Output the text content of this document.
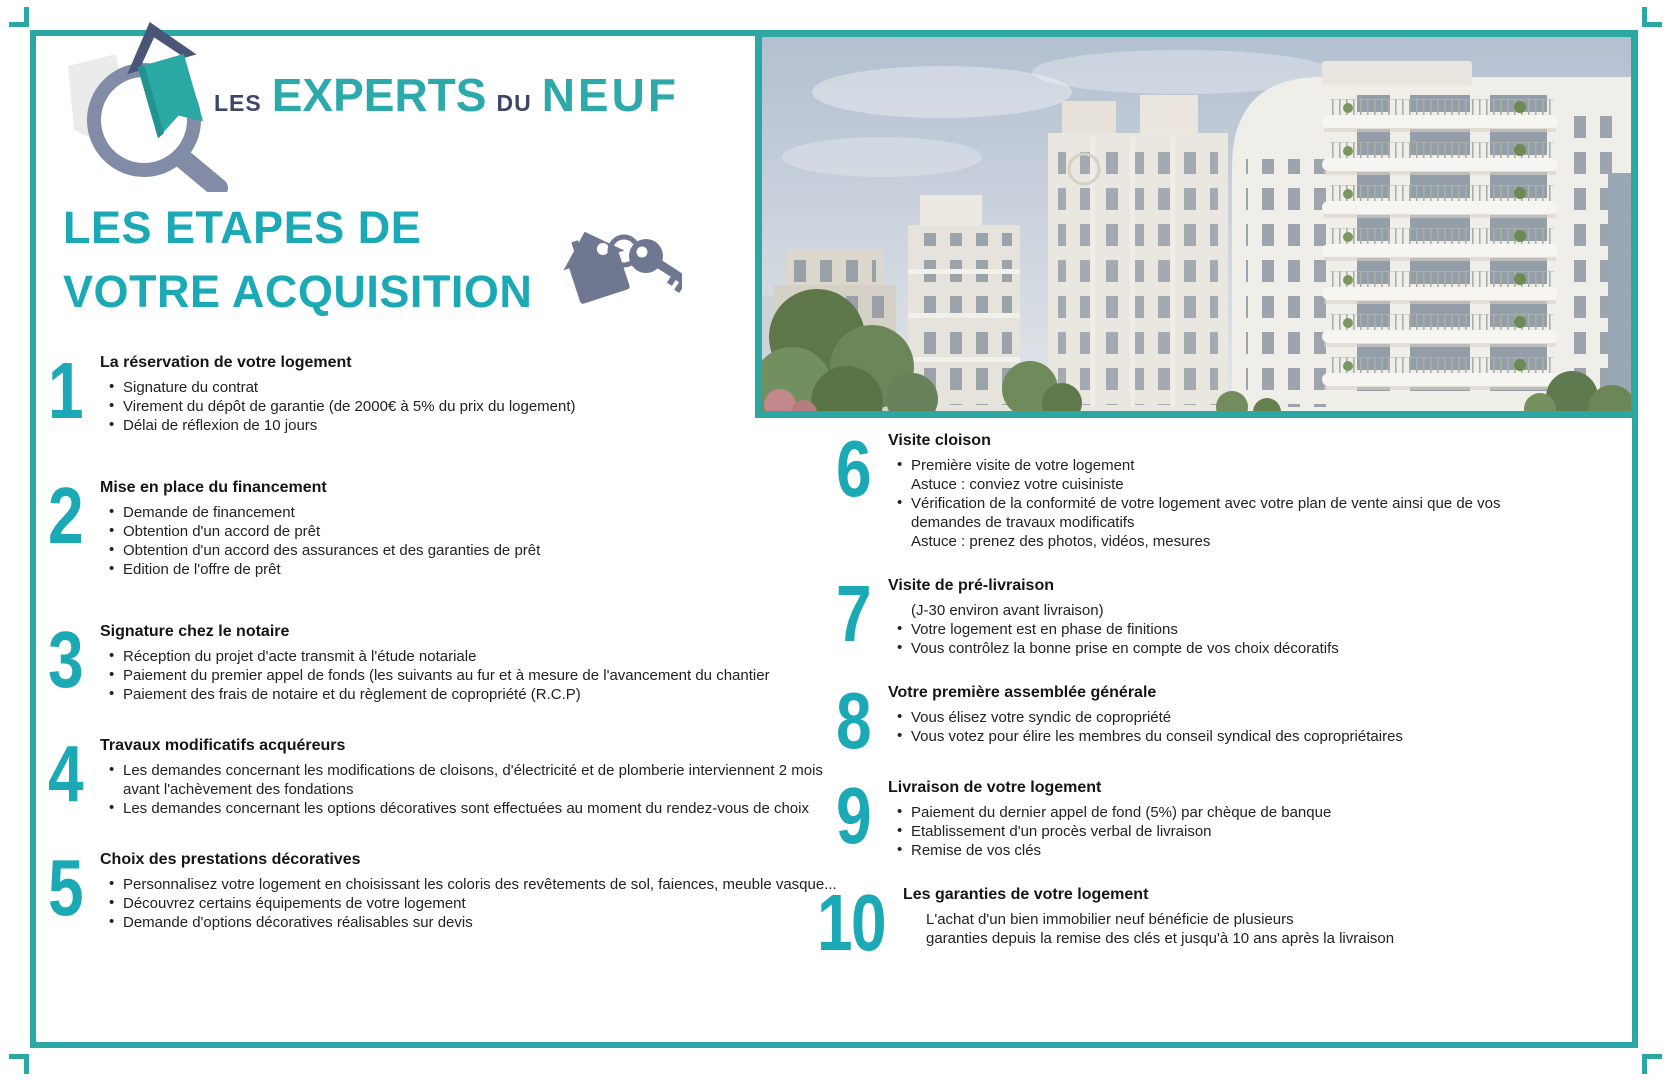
LES EXPERTS DU NEUF
LES ETAPES DE
VOTRE ACQUISITION
1	La réservation de votre logement
• Signature du contrat
• Virement du dépôt de garantie (de 2000€ à 5% du prix du logement)
• Délai de réflexion de 10 jours
2	Mise en place du financement
• Demande de financement
• Obtention d'un accord de prêt
• Obtention d'un accord des assurances et des garanties de prêt
• Edition de l'offre de prêt
3	Signature chez le notaire
• Réception du projet d'acte transmit à l'étude notariale
• Paiement du premier appel de fonds (les suivants au fur et à mesure de l'avancement du chantier
• Paiement des frais de notaire et du règlement de copropriété (R.C.P)
4	Travaux modificatifs acquéreurs
• Les demandes concernant les modifications de cloisons, d'électricité et de plomberie interviennent 2 mois avant l'achèvement des fondations
• Les demandes concernant les options décoratives sont effectuées au moment du rendez-vous de choix
5	Choix des prestations décoratives
• Personnalisez votre logement en choisissant les coloris des revêtements de sol, faiences, meuble vasque...
• Découvrez certains équipements de votre logement
• Demande d'options décoratives réalisables sur devis
6 Visite cloison
• Première visite de votre logement
Astuce : conviez votre cuisiniste
• Vérification de la conformité de votre logement avec votre plan de vente ainsi que de vos demandes de travaux modificatifs
Astuce : prenez des photos, vidéos, mesures
7 Visite de pré-livraison
(J-30 environ avant livraison)
• Votre logement est en phase de finitions
• Vous contrôlez la bonne prise en compte de vos choix décoratifs
8 Votre première assemblée générale
• Vous élisez votre syndic de copropriété
• Vous votez pour élire les membres du conseil syndical des copropriétaires
9 Livraison de votre logement
• Paiement du dernier appel de fond (5%) par chèque de banque
• Etablissement d'un procès verbal de livraison
• Remise de vos clés
10 Les garanties de votre logement
L'achat d'un bien immobilier neuf bénéficie de plusieurs
garanties depuis la remise des clés et jusqu'à 10 ans après la livraison
